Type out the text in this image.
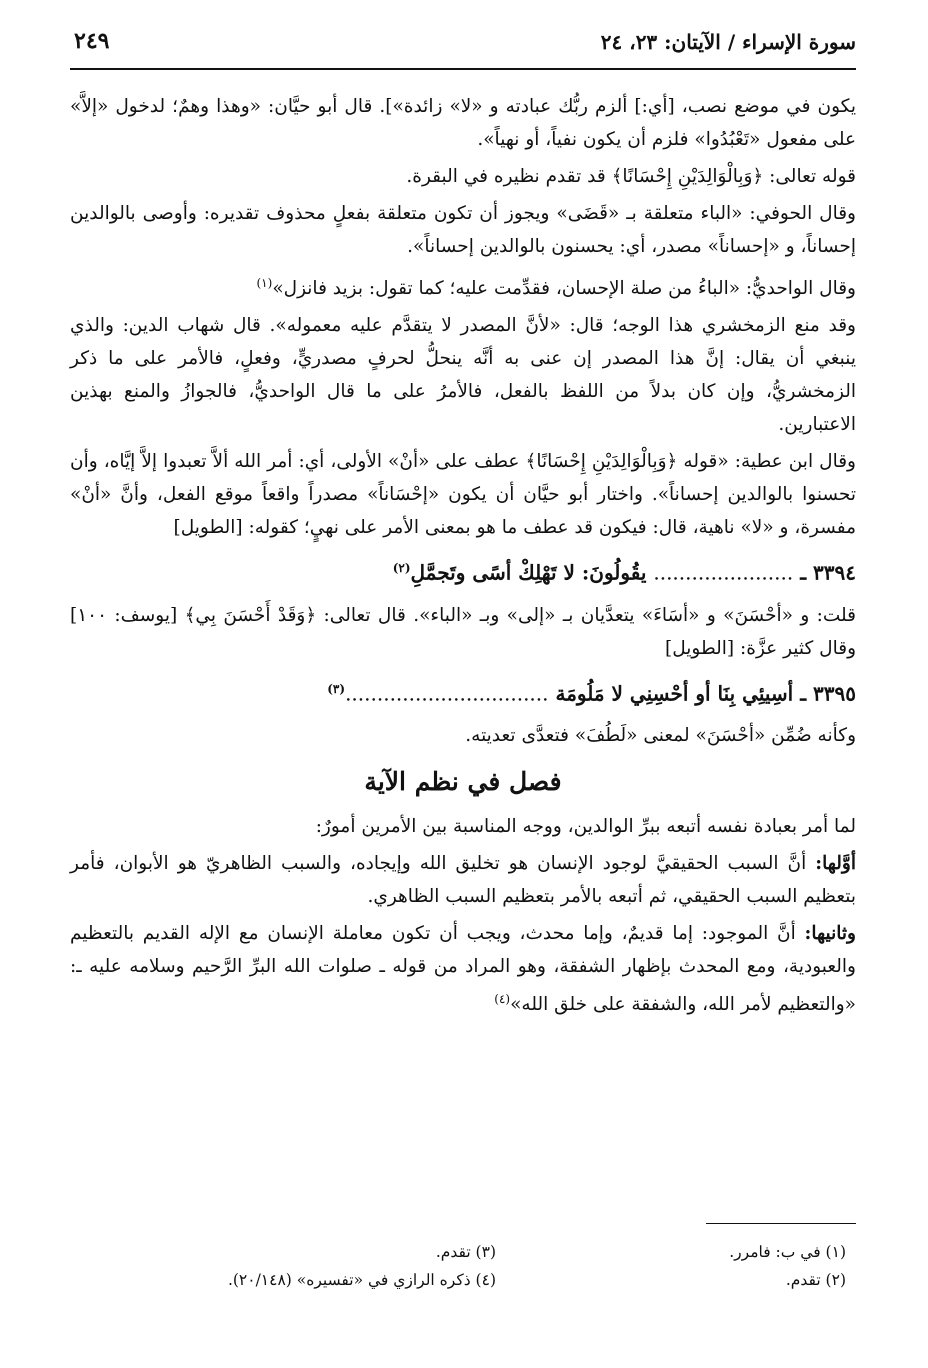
سورة الإسراء / الآيتان: ٢٣، ٢٤
٢٤٩

يكون في موضع نصب، [أي:] ألزم ربُّك عبادته و «لا» زائدة»]. قال أبو حيَّان: «وهذا وهمٌ؛ لدخول «إلاَّ» على مفعول «تَعْبُدُوا» فلزم أن يكون نفياً، أو نهياً».

قوله تعالى: ﴿وَبِالْوَالِدَيْنِ إِحْسَانًا﴾ قد تقدم نظيره في البقرة.

وقال الحوفي: «الباء متعلقة بـ «قَضَى» ويجوز أن تكون متعلقة بفعلٍ محذوف تقديره: وأوصى بالوالدين إحساناً، و «إحساناً» مصدر، أي: يحسنون بالوالدين إحساناً».

وقال الواحديُّ: «الباءُ من صلة الإحسان، فقدِّمت عليه؛ كما تقول: بزيد فانزل»$^{(١)}$

وقد منع الزمخشري هذا الوجه؛ قال: «لأنَّ المصدر لا يتقدَّم عليه معموله». قال شهاب الدين: والذي ينبغي أن يقال: إنَّ هذا المصدر إن عنى به أنَّه ينحلُّ لحرفٍ مصدريٍّ، وفعلٍ، فالأمر على ما ذكر الزمخشريُّ، وإن كان بدلاً من اللفظ بالفعل، فالأمرُ على ما قال الواحديُّ، فالجوازُ والمنع بهذين الاعتبارين.

وقال ابن عطية: «قوله ﴿وَبِالْوَالِدَيْنِ إِحْسَانًا﴾ عطف على «أنْ» الأولى، أي: أمر الله ألاَّ تعبدوا إلاَّ إيَّاه، وأن تحسنوا بالوالدين إحساناً». واختار أبو حيَّان أن يكون «إحْسَاناً» مصدراً واقعاً موقع الفعل، وأنَّ «أنْ» مفسرة، و «لا» ناهية، قال: فيكون قد عطف ما هو بمعنى الأمر على نهيٍ؛ كقوله: [الطويل]

٣٣٩٤ ـ ...................... يقُولُونَ: لا تَهْلِكْ أسًى وتَجمَّلِ$^{(٢)}$

قلت: و «أحْسَنَ» و «أسَاءَ» يتعدَّيان بـ «إلى» وبـ «الباء». قال تعالى: ﴿وَقَدْ أَحْسَنَ بِي﴾ [يوسف: ١٠٠] وقال كثير عزَّة: [الطويل]

٣٣٩٥ ـ أسِيئِي بِنَا أو أحْسِنِي لا مَلُومَة ................................$^{(٣)}$

وكأنه ضُمِّن «أحْسَنَ» لمعنى «لَطُفَ» فتعدَّى تعديته.

فصل في نظم الآية

لما أمر بعبادة نفسه أتبعه ببرِّ الوالدين، ووجه المناسبة بين الأمرين أمورٌ:

أوَّلها: أنَّ السبب الحقيقيَّ لوجود الإنسان هو تخليق الله وإيجاده، والسبب الظاهريّ هو الأبوان، فأمر بتعظيم السبب الحقيقي، ثم أتبعه بالأمر بتعظيم السبب الظاهري.

وثانيها: أنَّ الموجود: إما قديمٌ، وإما محدث، ويجب أن تكون معاملة الإنسان مع الإله القديم بالتعظيم والعبودية، ومع المحدث بإظهار الشفقة، وهو المراد من قوله ـ صلوات الله البرِّ الرَّحيم وسلامه عليه ـ: «والتعظيم لأمر الله، والشفقة على خلق الله»$^{(٤)}$

(١) في ب: فامرر.
(٢) تقدم.
(٣) تقدم.
(٤) ذكره الرازي في «تفسيره» (٢٠/١٤٨).
